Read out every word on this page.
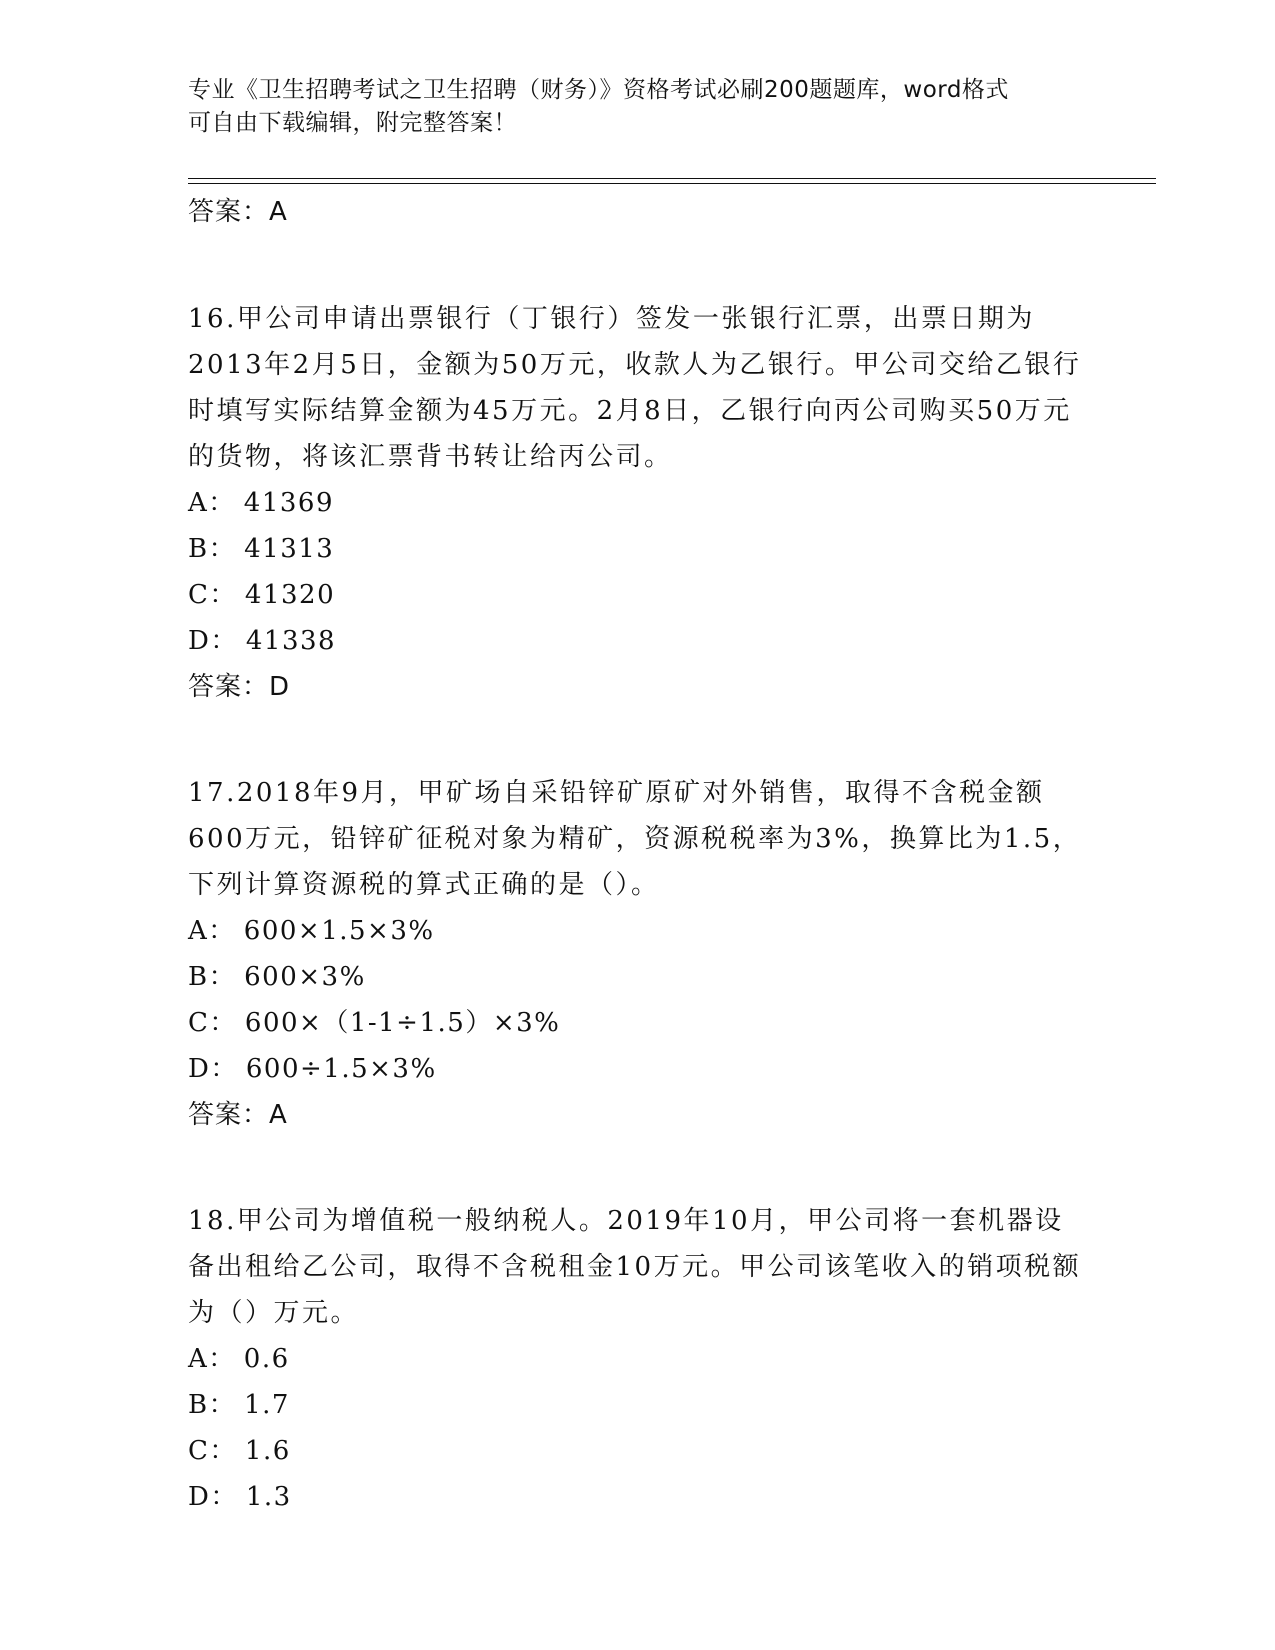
专业《卫生招聘考试之卫生招聘（财务）》资格考试必刷200题题库，word格式
可自由下载编辑，附完整答案！
答案：A

16.甲公司申请出票银行（丁银行）签发一张银行汇票，出票日期为2013年2月5日，金额为50万元，收款人为乙银行。甲公司交给乙银行时填写实际结算金额为45万元。2月8日，乙银行向丙公司购买50万元的货物，将该汇票背书转让给丙公司。

A： 41369
B： 41313
C： 41320
D： 41338
答案：D

17.2018年9月，甲矿场自采铅锌矿原矿对外销售，取得不含税金额600万元，铅锌矿征税对象为精矿，资源税税率为3%，换算比为1.5，下列计算资源税的算式正确的是（）。

A： 600×1.5×3%
B： 600×3%
C： 600×（1-1÷1.5）×3%
D： 600÷1.5×3%
答案：A

18.甲公司为增值税一般纳税人。2019年10月，甲公司将一套机器设备出租给乙公司，取得不含税租金10万元。甲公司该笔收入的销项税额为（）万元。

A： 0.6
B： 1.7
C： 1.6
D： 1.3
